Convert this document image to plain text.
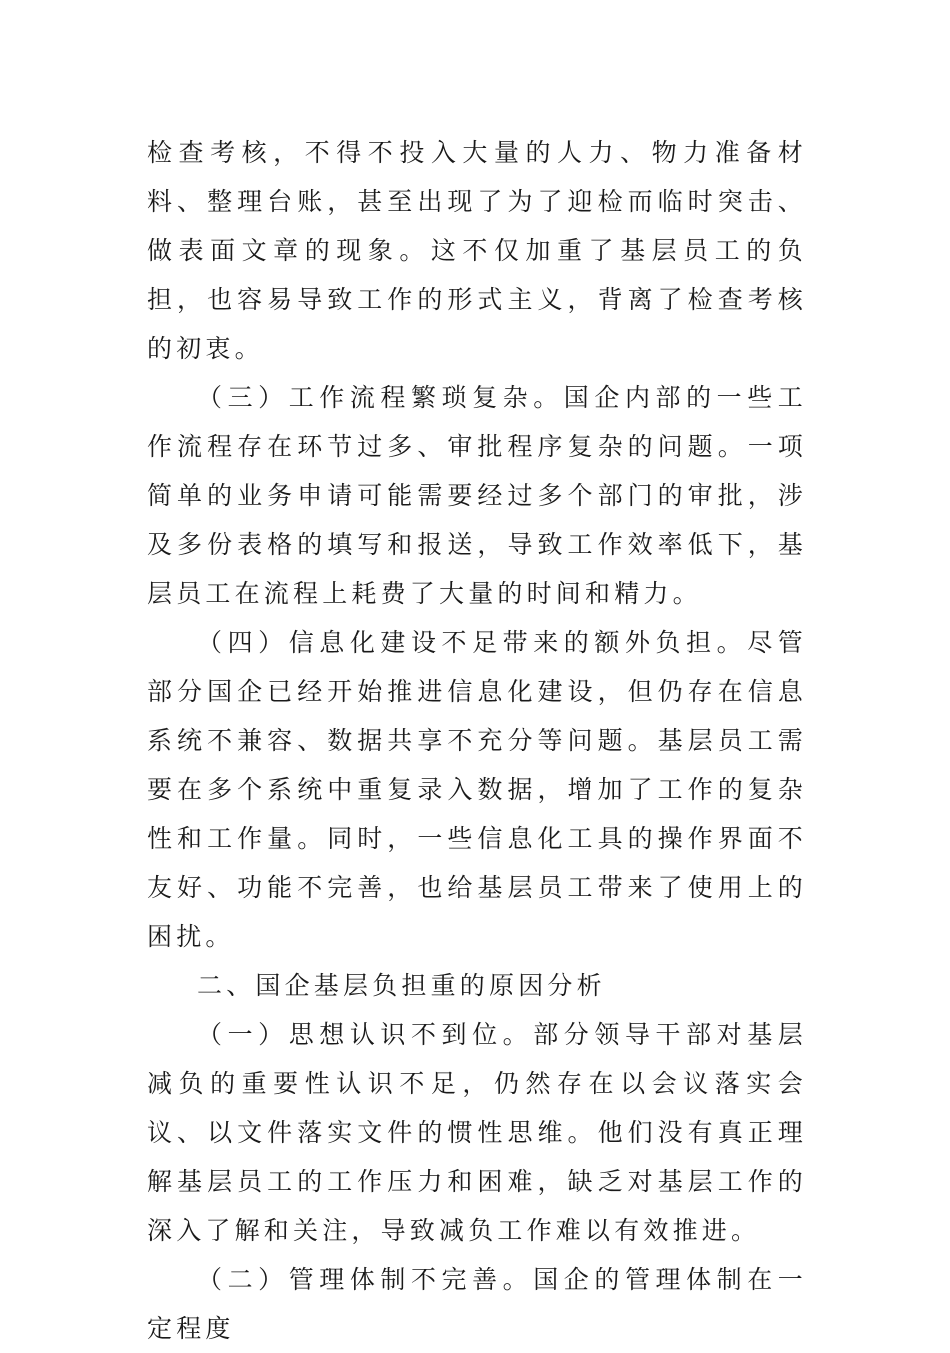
检查考核，不得不投入大量的人力、物力准备材料、整理台账，甚至出现了为了迎检而临时突击、做表面文章的现象。这不仅加重了基层员工的负担，也容易导致工作的形式主义，背离了检查考核的初衷。

（三）工作流程繁琐复杂。国企内部的一些工作流程存在环节过多、审批程序复杂的问题。一项简单的业务申请可能需要经过多个部门的审批，涉及多份表格的填写和报送，导致工作效率低下，基层员工在流程上耗费了大量的时间和精力。

（四）信息化建设不足带来的额外负担。尽管部分国企已经开始推进信息化建设，但仍存在信息系统不兼容、数据共享不充分等问题。基层员工需要在多个系统中重复录入数据，增加了工作的复杂性和工作量。同时，一些信息化工具的操作界面不友好、功能不完善，也给基层员工带来了使用上的困扰。

二、国企基层负担重的原因分析

（一）思想认识不到位。部分领导干部对基层减负的重要性认识不足，仍然存在以会议落实会议、以文件落实文件的惯性思维。他们没有真正理解基层员工的工作压力和困难，缺乏对基层工作的深入了解和关注，导致减负工作难以有效推进。

（二）管理体制不完善。国企的管理体制在一定程度
